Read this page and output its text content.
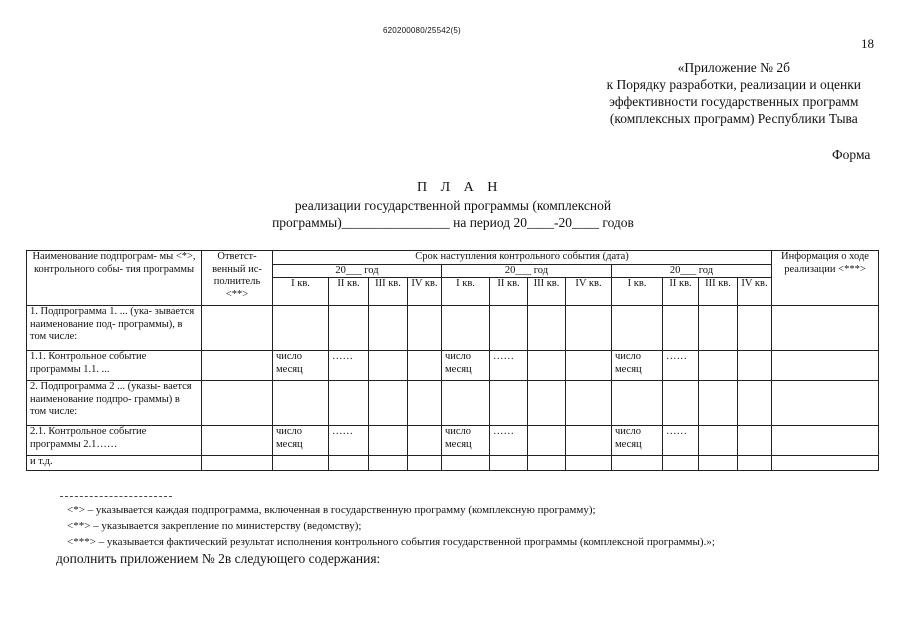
620200080/25542(5)
18
«Приложение № 2б
к Порядку разработки, реализации и оценки
эффективности государственных программ
(комплексных программ) Республики Тыва
Форма
П Л А Н
реализации государственной программы (комплексной программы)________________ на период 20____-20____ годов
Наименование подпрограм- мы <*>, контрольного собы- тия программы	Ответст- венный ис- полнитель <**>	Срок наступления контрольного события (дата)												Информация о ходе реализации <***>
		20___ год				20___ год				20___ год				
		I кв.	II кв.	III кв.	IV кв.	I кв.	II кв.	III кв.	IV кв.	I кв.	II кв.	III кв.	IV кв.	
1. Подпрограмма 1. ... (ука- зывается наименование под- программы), в том числе:														
1.1. Контрольное событие программы 1.1. ...		число месяц	……			число месяц	……			число месяц	……			
2. Подпрограмма 2 ... (указы- вается наименование подпро- граммы) в том числе:														
2.1. Контрольное событие программы 2.1……		число месяц	……			число месяц	……			число месяц	……			
и т.д.														
<*> – указывается каждая подпрограмма, включенная в государственную программу (комплексную программу);
<**> – указывается закрепление по министерству (ведомству);
<***> – указывается фактический результат исполнения контрольного события государственной программы (комплексной программы).»;
дополнить приложением № 2в следующего содержания:
